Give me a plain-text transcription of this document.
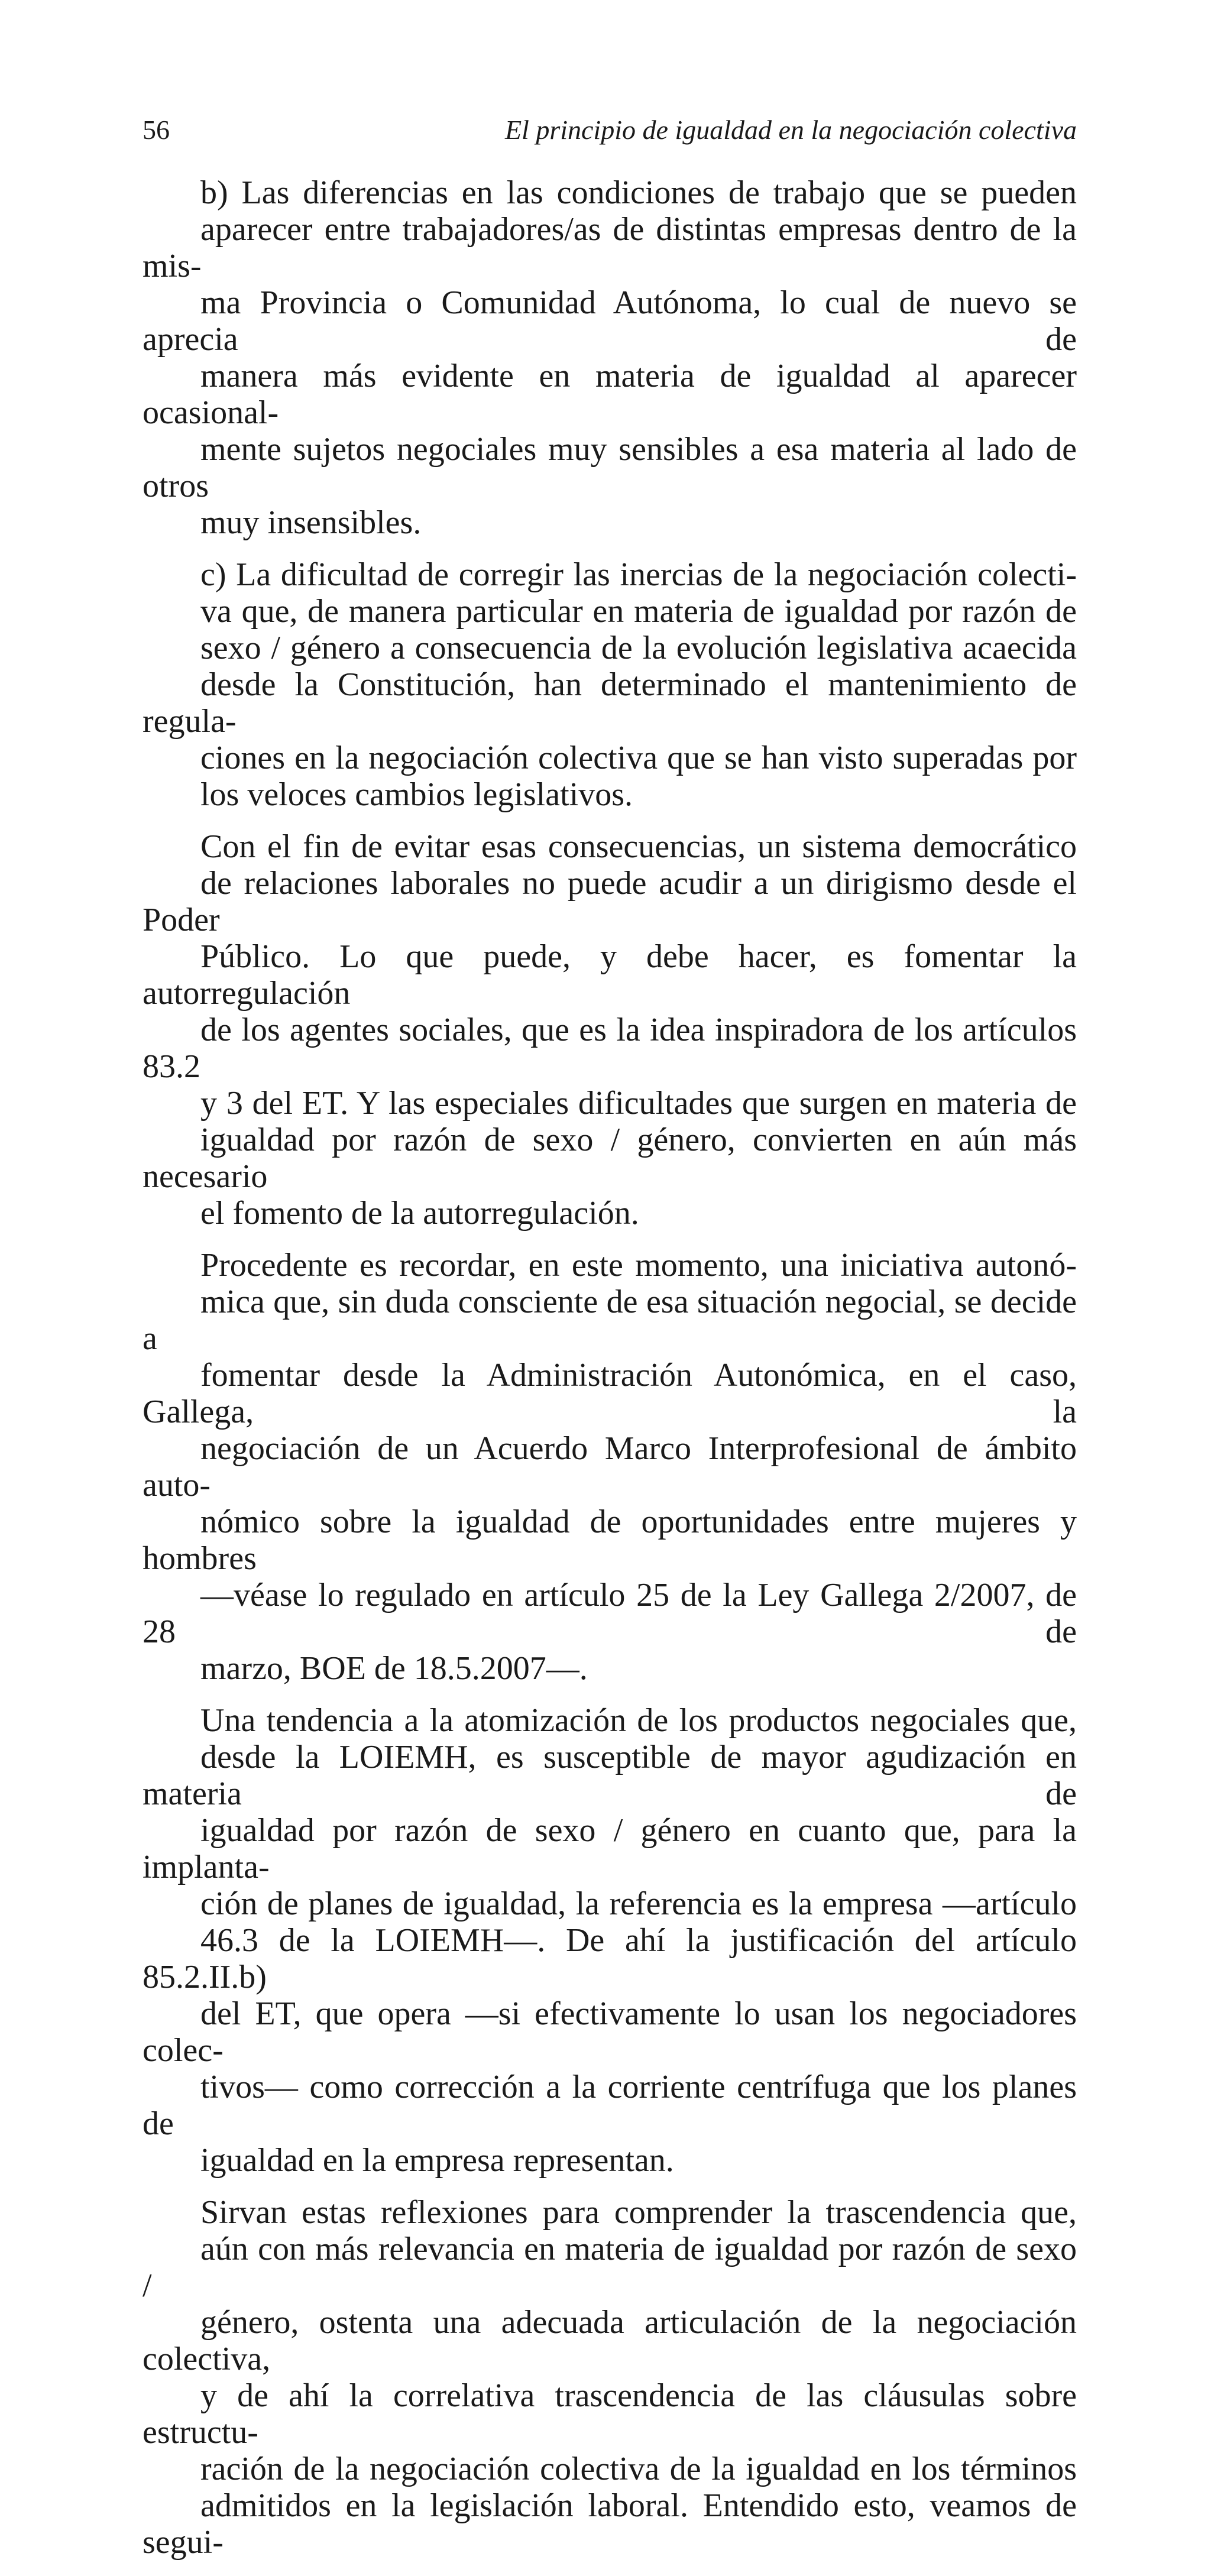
56	El principio de igualdad en la negociación colectiva
b) Las diferencias en las condiciones de trabajo que se pueden
aparecer entre trabajadores/as de distintas empresas dentro de la mis-
ma Provincia o Comunidad Autónoma, lo cual de nuevo se aprecia de
manera más evidente en materia de igualdad al aparecer ocasional-
mente sujetos negociales muy sensibles a esa materia al lado de otros
muy insensibles.
c) La dificultad de corregir las inercias de la negociación colecti-
va que, de manera particular en materia de igualdad por razón de
sexo / género a consecuencia de la evolución legislativa acaecida
desde la Constitución, han determinado el mantenimiento de regula-
ciones en la negociación colectiva que se han visto superadas por
los veloces cambios legislativos.
Con el fin de evitar esas consecuencias, un sistema democrático
de relaciones laborales no puede acudir a un dirigismo desde el Poder
Público. Lo que puede, y debe hacer, es fomentar la autorregulación
de los agentes sociales, que es la idea inspiradora de los artículos 83.2
y 3 del ET. Y las especiales dificultades que surgen en materia de
igualdad por razón de sexo / género, convierten en aún más necesario
el fomento de la autorregulación.
Procedente es recordar, en este momento, una iniciativa autonó-
mica que, sin duda consciente de esa situación negocial, se decide a
fomentar desde la Administración Autonómica, en el caso, Gallega, la
negociación de un Acuerdo Marco Interprofesional de ámbito auto-
nómico sobre la igualdad de oportunidades entre mujeres y hombres
—véase lo regulado en artículo 25 de la Ley Gallega 2/2007, de 28 de
marzo, BOE de 18.5.2007—.
Una tendencia a la atomización de los productos negociales que,
desde la LOIEMH, es susceptible de mayor agudización en materia de
igualdad por razón de sexo / género en cuanto que, para la implanta-
ción de planes de igualdad, la referencia es la empresa —artículo
46.3 de la LOIEMH—. De ahí la justificación del artículo 85.2.II.b)
del ET, que opera —si efectivamente lo usan los negociadores colec-
tivos— como corrección a la corriente centrífuga que los planes de
igualdad en la empresa representan.
Sirvan estas reflexiones para comprender la trascendencia que,
aún con más relevancia en materia de igualdad por razón de sexo /
género, ostenta una adecuada articulación de la negociación colectiva,
y de ahí la correlativa trascendencia de las cláusulas sobre estructu-
ración de la negociación colectiva de la igualdad en los términos
admitidos en la legislación laboral. Entendido esto, veamos de segui-
